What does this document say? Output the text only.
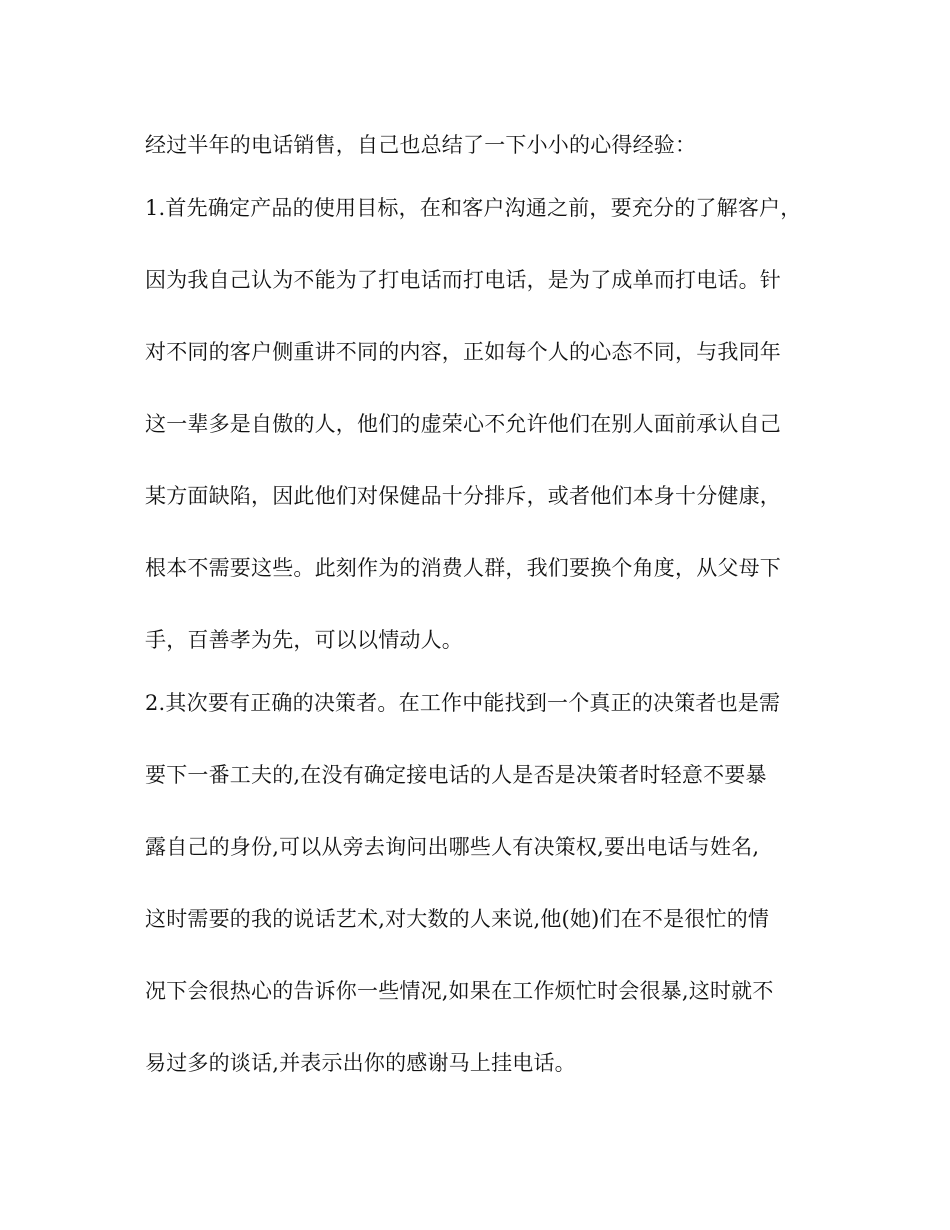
经过半年的电话销售，自己也总结了一下小小的心得经验：
1.首先确定产品的使用目标，在和客户沟通之前，要充分的了解客户，
因为我自己认为不能为了打电话而打电话，是为了成单而打电话。针
对不同的客户侧重讲不同的内容，正如每个人的心态不同，与我同年
这一辈多是自傲的人，他们的虚荣心不允许他们在别人面前承认自己
某方面缺陷，因此他们对保健品十分排斥，或者他们本身十分健康，
根本不需要这些。此刻作为的消费人群，我们要换个角度，从父母下
手，百善孝为先，可以以情动人。
2.其次要有正确的决策者。在工作中能找到一个真正的决策者也是需
要下一番工夫的,在没有确定接电话的人是否是决策者时轻意不要暴
露自己的身份,可以从旁去询问出哪些人有决策权,要出电话与姓名,
这时需要的我的说话艺术,对大数的人来说,他(她)们在不是很忙的情
况下会很热心的告诉你一些情况,如果在工作烦忙时会很暴,这时就不
易过多的谈话,并表示出你的感谢马上挂电话。
